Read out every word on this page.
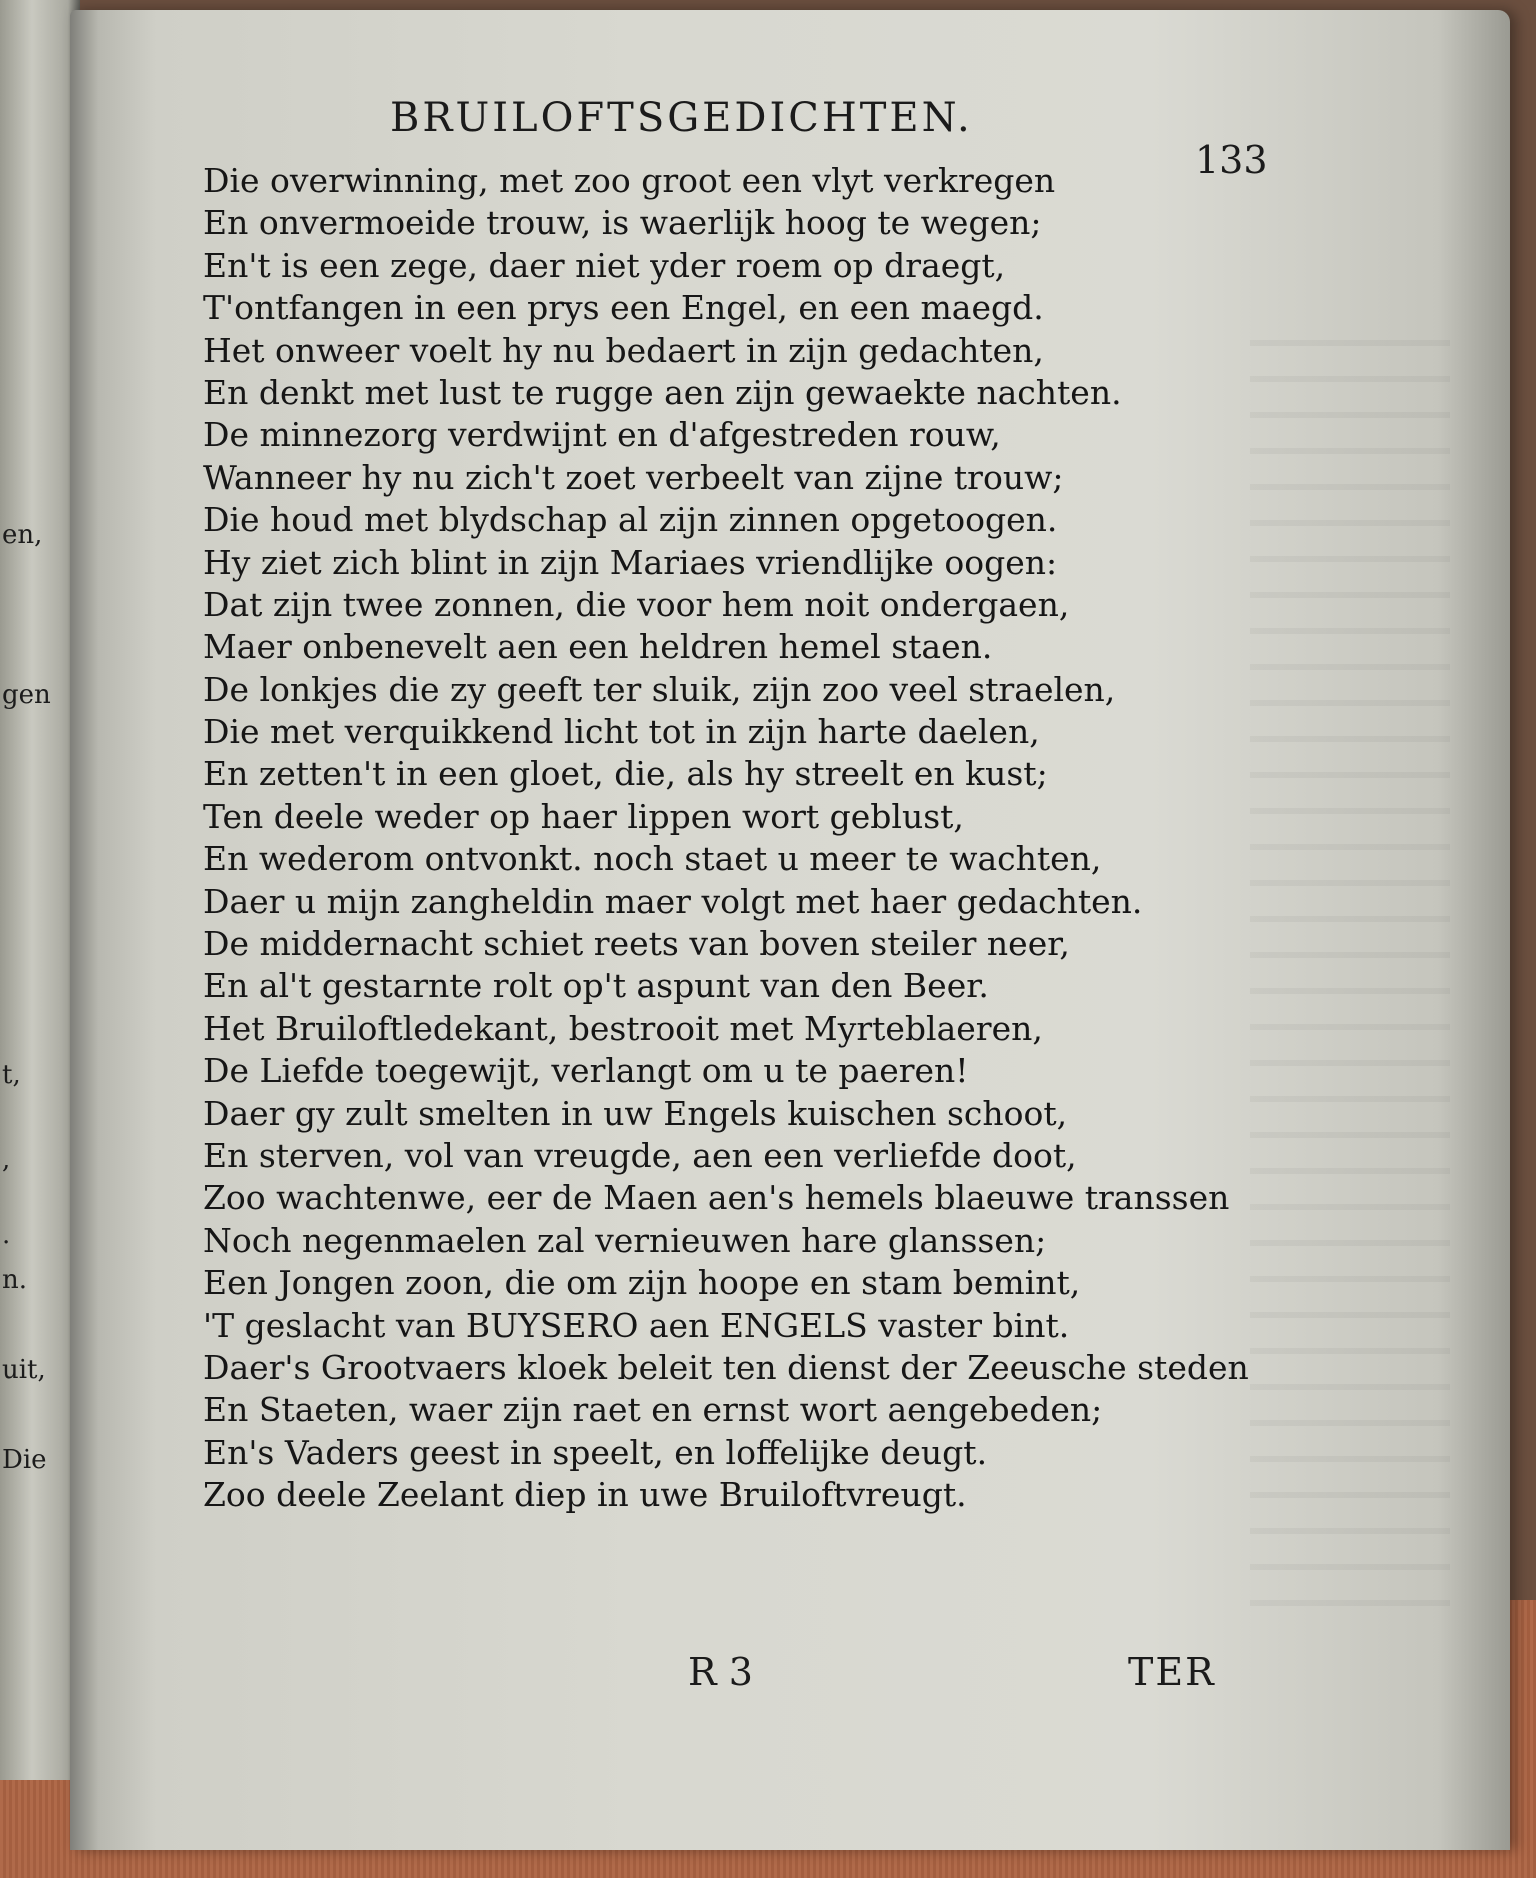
en,
gen
t,
,
.
n.
uit,
Die
BRUILOFTSGEDICHTEN.
133
Die overwinning, met zoo groot een vlyt verkregen
En onvermoeide trouw, is waerlijk hoog te wegen;
En't is een zege, daer niet yder roem op draegt,
T'ontfangen in een prys een Engel, en een maegd.
Het onweer voelt hy nu bedaert in zijn gedachten,
En denkt met lust te rugge aen zijn gewaekte nachten.
De minnezorg verdwijnt en d'afgestreden rouw,
Wanneer hy nu zich't zoet verbeelt van zijne trouw;
Die houd met blydschap al zijn zinnen opgetoogen.
Hy ziet zich blint in zijn Mariaes vriendlijke oogen:
Dat zijn twee zonnen, die voor hem noit ondergaen,
Maer onbenevelt aen een heldren hemel staen.
De lonkjes die zy geeft ter sluik, zijn zoo veel straelen,
Die met verquikkend licht tot in zijn harte daelen,
En zetten't in een gloet, die, als hy streelt en kust;
Ten deele weder op haer lippen wort geblust,
En wederom ontvonkt. noch staet u meer te wachten,
Daer u mijn zangheldin maer volgt met haer gedachten.
De middernacht schiet reets van boven steiler neer,
En al't gestarnte rolt op't aspunt van den Beer.
Het Bruiloftledekant, bestrooit met Myrteblaeren,
De Liefde toegewijt, verlangt om u te paeren!
Daer gy zult smelten in uw Engels kuischen schoot,
En sterven, vol van vreugde, aen een verliefde doot,
Zoo wachtenwe, eer de Maen aen's hemels blaeuwe transsen
Noch negenmaelen zal vernieuwen hare glanssen;
Een Jongen zoon, die om zijn hoope en stam bemint,
'T geslacht van BUYSERO aen ENGELS vaster bint.
Daer's Grootvaers kloek beleit ten dienst der Zeeusche steden
En Staeten, waer zijn raet en ernst wort aengebeden;
En's Vaders geest in speelt, en loffelijke deugt.
Zoo deele Zeelant diep in uwe Bruiloftvreugt.
R 3	TER
